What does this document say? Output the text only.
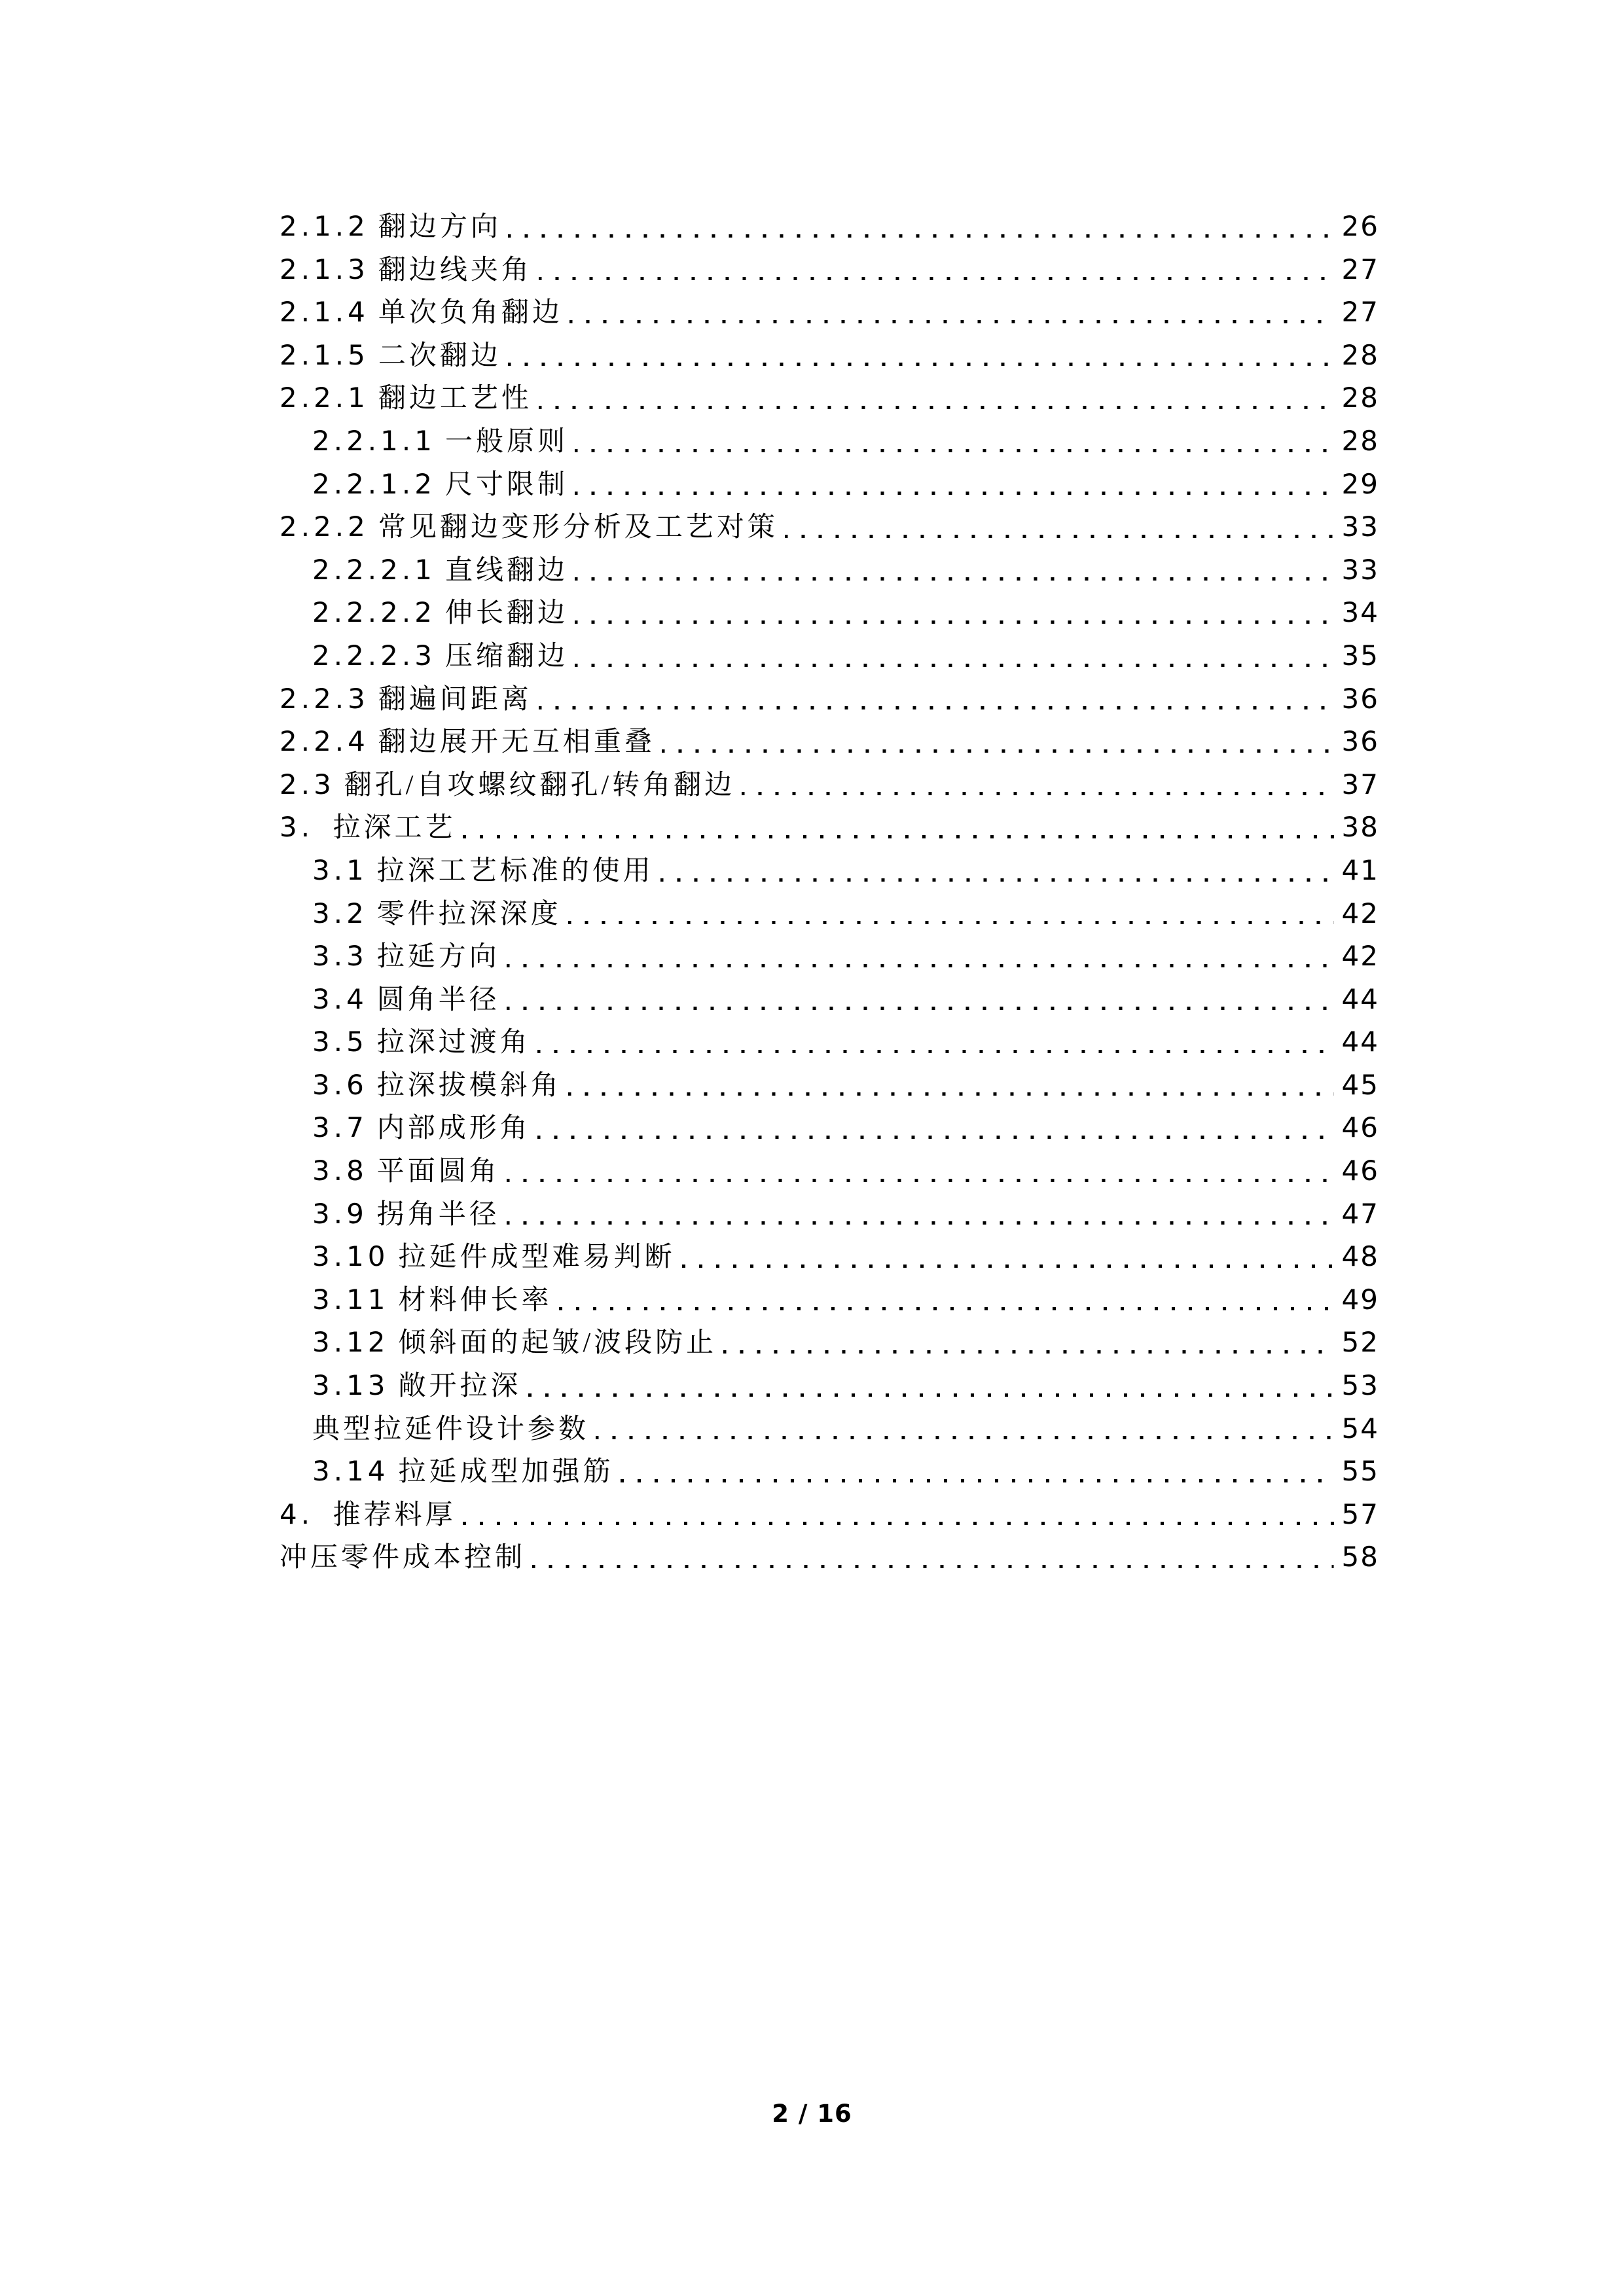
2.1.2 翻边方向	26
2.1.3 翻边线夹角	27
2.1.4 单次负角翻边	27
2.1.5 二次翻边	28
2.2.1 翻边工艺性	28
2.2.1.1 一般原则	28
2.2.1.2 尺寸限制	29
2.2.2 常见翻边变形分析及工艺对策	33
2.2.2.1 直线翻边	33
2.2.2.2 伸长翻边	34
2.2.2.3 压缩翻边	35
2.2.3 翻遍间距离	36
2.2.4 翻边展开无互相重叠	36
2.3 翻孔/自攻螺纹翻孔/转角翻边	37
3. 拉深工艺	38
3.1 拉深工艺标准的使用	41
3.2 零件拉深深度	42
3.3 拉延方向	42
3.4 圆角半径	44
3.5 拉深过渡角	44
3.6 拉深拔模斜角	45
3.7 内部成形角	46
3.8 平面圆角	46
3.9 拐角半径	47
3.10 拉延件成型难易判断	48
3.11 材料伸长率	49
3.12 倾斜面的起皱/波段防止	52
3.13 敞开拉深	53
典型拉延件设计参数	54
3.14 拉延成型加强筋	55
4. 推荐料厚	57
冲压零件成本控制	58
2 / 16
